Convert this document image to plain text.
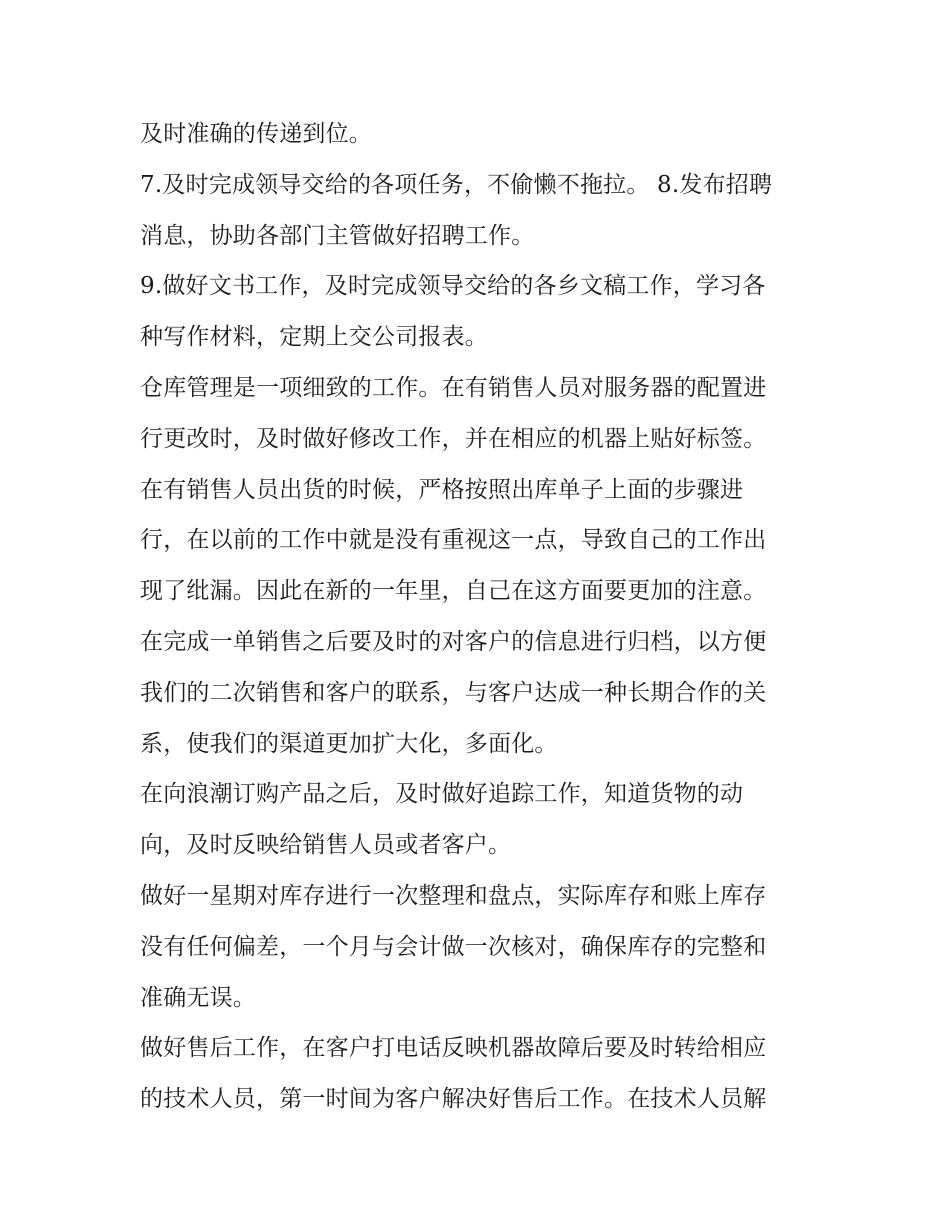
及时准确的传递到位。
7.及时完成领导交给的各项任务，不偷懒不拖拉。 8.发布招聘
消息，协助各部门主管做好招聘工作。
9.做好文书工作，及时完成领导交给的各乡文稿工作，学习各
种写作材料，定期上交公司报表。
仓库管理是一项细致的工作。在有销售人员对服务器的配置进
行更改时，及时做好修改工作，并在相应的机器上贴好标签。
在有销售人员出货的时候，严格按照出库单子上面的步骤进
行，在以前的工作中就是没有重视这一点，导致自己的工作出
现了纰漏。因此在新的一年里，自己在这方面要更加的注意。
在完成一单销售之后要及时的对客户的信息进行归档，以方便
我们的二次销售和客户的联系，与客户达成一种长期合作的关
系，使我们的渠道更加扩大化，多面化。
在向浪潮订购产品之后，及时做好追踪工作，知道货物的动
向，及时反映给销售人员或者客户。
做好一星期对库存进行一次整理和盘点，实际库存和账上库存
没有任何偏差，一个月与会计做一次核对，确保库存的完整和
准确无误。
做好售后工作，在客户打电话反映机器故障后要及时转给相应
的技术人员，第一时间为客户解决好售后工作。在技术人员解
